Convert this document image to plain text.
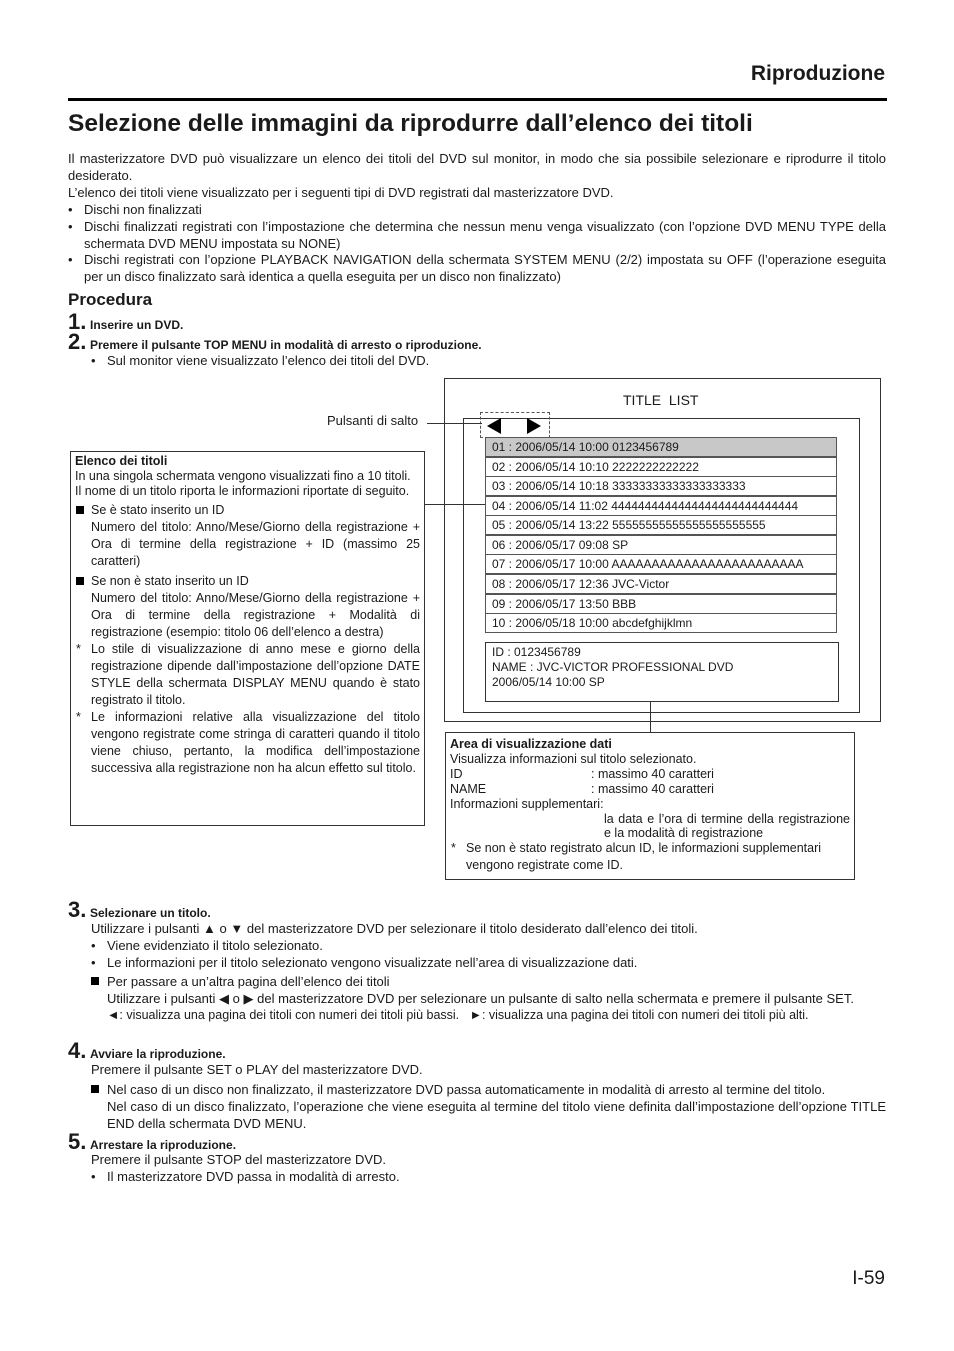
Riproduzione
Selezione delle immagini da riprodurre dall’elenco dei titoli
Il masterizzatore DVD può visualizzare un elenco dei titoli del DVD sul monitor, in modo che sia possibile selezionare e riprodurre il titolo desiderato.
L’elenco dei titoli viene visualizzato per i seguenti tipi di DVD registrati dal masterizzatore DVD.
• Dischi non finalizzati
• Dischi finalizzati registrati con l’impostazione che determina che nessun menu venga visualizzato (con l’opzione DVD MENU TYPE della schermata DVD MENU impostata su NONE)
• Dischi registrati con l’opzione PLAYBACK NAVIGATION della schermata SYSTEM MENU (2/2) impostata su OFF (l’operazione eseguita per un disco finalizzato sarà identica a quella eseguita per un disco non finalizzato)
Procedura
1. Inserire un DVD.
2. Premere il pulsante TOP MENU in modalità di arresto o riproduzione.
• Sul monitor viene visualizzato l’elenco dei titoli del DVD.
TITLE  LIST
Pulsanti di salto
01 : 2006/05/14 10:00 0123456789
02 : 2006/05/14 10:10 2222222222222
03 : 2006/05/14 10:18 33333333333333333333
04 : 2006/05/14 11:02 4444444444444444444444444444
05 : 2006/05/14 13:22 55555555555555555555555
06 : 2006/05/17 09:08 SP
07 : 2006/05/17 10:00 AAAAAAAAAAAAAAAAAAAAAAAA
08 : 2006/05/17 12:36 JVC-Victor
09 : 2006/05/17 13:50 BBB
10 : 2006/05/18 10:00 abcdefghijklmn
ID : 0123456789
NAME : JVC-VICTOR PROFESSIONAL DVD
2006/05/14 10:00 SP
Elenco dei titoli
In una singola schermata vengono visualizzati fino a 10 titoli.
Il nome di un titolo riporta le informazioni riportate di seguito.
Se è stato inserito un ID
Numero del titolo: Anno/Mese/Giorno della registrazione + Ora di termine della registrazione + ID (massimo 25 caratteri)
Se non è stato inserito un ID
Numero del titolo: Anno/Mese/Giorno della registrazione + Ora di termine della registrazione + Modalità di registrazione (esempio: titolo 06 dell’elenco a destra)
* Lo stile di visualizzazione di anno mese e giorno della registrazione dipende dall’impostazione dell’opzione DATE STYLE della schermata DISPLAY MENU quando è stato registrato il titolo.
* Le informazioni relative alla visualizzazione del titolo vengono registrate come stringa di caratteri quando il titolo viene chiuso, pertanto, la modifica dell’impostazione successiva alla registrazione non ha alcun effetto sul titolo.
Area di visualizzazione dati
Visualizza informazioni sul titolo selezionato.
ID	: massimo 40 caratteri
NAME	: massimo 40 caratteri
Informazioni supplementari:
la data e l’ora di termine della registrazione e la modalità di registrazione
* Se non è stato registrato alcun ID, le informazioni supplementari vengono registrate come ID.
3. Selezionare un titolo.
Utilizzare i pulsanti ▲ o ▼ del masterizzatore DVD per selezionare il titolo desiderato dall’elenco dei titoli.
• Viene evidenziato il titolo selezionato.
• Le informazioni per il titolo selezionato vengono visualizzate nell’area di visualizzazione dati.
Per passare a un’altra pagina dell’elenco dei titoli
Utilizzare i pulsanti ◀ o ▶ del masterizzatore DVD per selezionare un pulsante di salto nella schermata e premere il pulsante SET.
◄: visualizza una pagina dei titoli con numeri dei titoli più bassi. ►: visualizza una pagina dei titoli con numeri dei titoli più alti.
4. Avviare la riproduzione.
Premere il pulsante SET o PLAY del masterizzatore DVD.
Nel caso di un disco non finalizzato, il masterizzatore DVD passa automaticamente in modalità di arresto al termine del titolo.
Nel caso di un disco finalizzato, l’operazione che viene eseguita al termine del titolo viene definita dall’impostazione dell’opzione TITLE END della schermata DVD MENU.
5. Arrestare la riproduzione.
Premere il pulsante STOP del masterizzatore DVD.
• Il masterizzatore DVD passa in modalità di arresto.
I-59
